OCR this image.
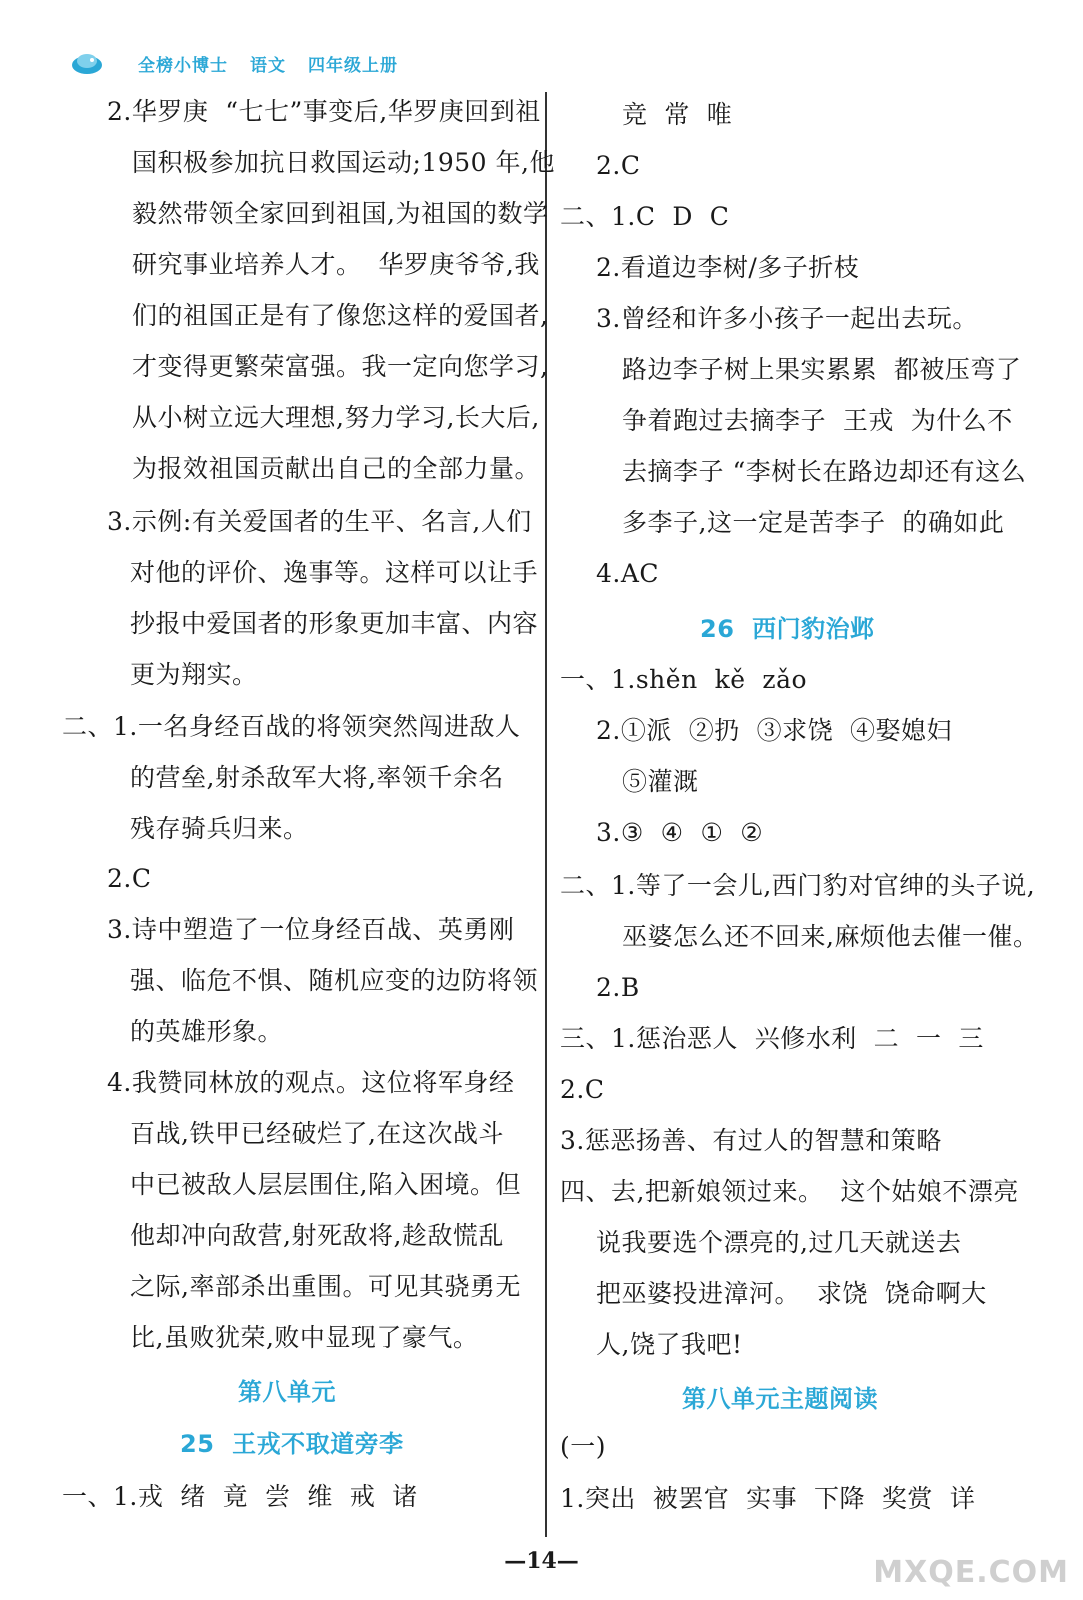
全榜小博士 语文 四年级上册
2.华罗庚  “七七”事变后,华罗庚回到祖
国积极参加抗日救国运动;1950 年,他
毅然带领全家回到祖国,为祖国的数学
研究事业培养人才。  华罗庚爷爷,我
们的祖国正是有了像您这样的爱国者,
才变得更繁荣富强。我一定向您学习,
从小树立远大理想,努力学习,长大后,
为报效祖国贡献出自己的全部力量。
3.示例:有关爱国者的生平、名言,人们
对他的评价、逸事等。这样可以让手
抄报中爱国者的形象更加丰富、内容
更为翔实。
二、1.一名身经百战的将领突然闯进敌人
的营垒,射杀敌军大将,率领千余名
残存骑兵归来。
2.C
3.诗中塑造了一位身经百战、英勇刚
强、临危不惧、随机应变的边防将领
的英雄形象。
4.我赞同林放的观点。这位将军身经
百战,铁甲已经破烂了,在这次战斗
中已被敌人层层围住,陷入困境。但
他却冲向敌营,射死敌将,趁敌慌乱
之际,率部杀出重围。可见其骁勇无
比,虽败犹荣,败中显现了豪气。
第八单元
25  王戎不取道旁李
一、1.戎  绪  竟  尝  维  戒  诸
竞  常  唯
2.C
二、1.C  D  C
2.看道边李树/多子折枝
3.曾经和许多小孩子一起出去玩。
路边李子树上果实累累  都被压弯了
争着跑过去摘李子  王戎  为什么不
去摘李子 “李树长在路边却还有这么
多李子,这一定是苦李子  的确如此
4.AC
26  西门豹治邺
一、1.shěn  kě  zǎo
2.①派  ②扔  ③求饶  ④娶媳妇
⑤灌溉
3.③  ④  ①  ②
二、1.等了一会儿,西门豹对官绅的头子说,
巫婆怎么还不回来,麻烦他去催一催。
2.B
三、1.惩治恶人  兴修水利  二  一  三
2.C
3.惩恶扬善、有过人的智慧和策略
四、去,把新娘领过来。  这个姑娘不漂亮
说我要选个漂亮的,过几天就送去
把巫婆投进漳河。  求饶  饶命啊大
人,饶了我吧!
第八单元主题阅读
(一)
1.突出  被罢官  实事  下降  奖赏  详
—14—	MXQE.COM
